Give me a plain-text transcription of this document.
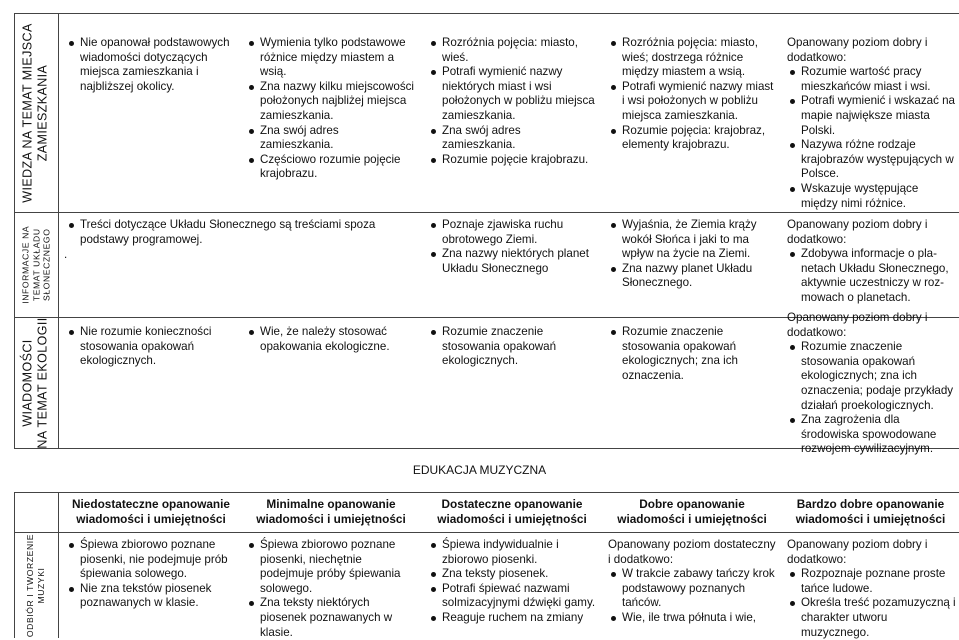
WIEDZA NA TEMAT MIEJSCA
ZAMIESZKANIA
INFORMACJE NA
TEMAT UKŁADU
SŁONECZNEGO
WIADOMOŚCI
NA TEMAT EKOLOGII
ODBIÓR I TWORZENIE
MUZYKI
Nie opanował podstawowych wiadomości dotyczących miejsca zamieszkania i najbliższej okolicy.
Wymienia tylko podstawowe różnice między miastem a wsią.
Zna nazwy kilku miejscowości położonych najbliżej miejsca zamieszkania.
Zna swój adres zamieszkania.
Częściowo rozumie pojęcie krajobrazu.
Rozróżnia pojęcia: miasto, wieś.
Potrafi wymienić nazwy niektórych miast i wsi położonych w pobliżu miejsca zamieszkania.
Zna swój adres zamieszkania.
Rozumie pojęcie krajobrazu.
Rozróżnia pojęcia: miasto, wieś; dostrzega różnice między miastem a wsią.
Potrafi wymienić nazwy miast i wsi położonych w pobliżu miejsca zamieszkania.
Rozumie pojęcia: krajobraz, elementy krajobrazu.
Opanowany poziom dobry i dodatkowo:
Rozumie wartość pracy mieszkańców miast i wsi.
Potrafi wymienić i wskazać na mapie największe miasta Polski.
Nazywa różne rodzaje krajobrazów występujących w Polsce.
Wskazuje występujące między nimi różnice.
Treści dotyczące Układu Słonecznego są treściami spoza podstawy programowej.
.
Poznaje zjawiska ruchu obrotowego Ziemi.
Zna nazwy niektórych planet Układu Słonecznego
Wyjaśnia, że Ziemia krąży wokół Słońca i jaki to ma wpływ na życie na Ziemi.
Zna nazwy planet Układu Słonecznego.
Opanowany poziom dobry i dodatkowo:
Zdobywa informacje o pla- netach Układu Słonecznego, aktywnie uczestniczy w roz- mowach o planetach.
Nie rozumie konieczności stosowania opakowań ekologicznych.
Wie, że należy stosować opakowania ekologiczne.
Rozumie znaczenie stosowania opakowań ekologicznych.
Rozumie znaczenie stosowania opakowań ekologicznych; zna ich oznaczenia.
Opanowany poziom dobry i dodatkowo:
Rozumie znaczenie stosowania opakowań ekologicznych; zna ich oznaczenia; podaje przykłady działań proekologicznych.
Zna zagrożenia dla środowiska spowodowane rozwojem cywilizacyjnym.
EDUKACJA MUZYCZNA
Niedostateczne opanowanie
wiadomości i umiejętności
Minimalne opanowanie
wiadomości i umiejętności
Dostateczne opanowanie
wiadomości i umiejętności
Dobre opanowanie
wiadomości i umiejętności
Bardzo dobre opanowanie
wiadomości i umiejętności
Śpiewa zbiorowo poznane piosenki, nie podejmuje prób śpiewania solowego.
Nie zna tekstów piosenek poznawanych w klasie.
Śpiewa zbiorowo poznane piosenki, niechętnie podejmuje próby śpiewania solowego.
Zna teksty niektórych piosenek poznawanych w klasie.
Śpiewa indywidualnie i zbiorowo piosenki.
Zna teksty piosenek.
Potrafi śpiewać nazwami solmizacyjnymi dźwięki gamy.
Reaguje ruchem na zmiany
Opanowany poziom dostateczny i dodatkowo:
W trakcie zabawy tańczy krok podstawowy poznanych tańców.
Wie, ile trwa półnuta i wie,
Opanowany poziom dobry i dodatkowo:
Rozpoznaje poznane proste tańce ludowe.
Określa treść pozamuzyczną i charakter utworu muzycznego.
